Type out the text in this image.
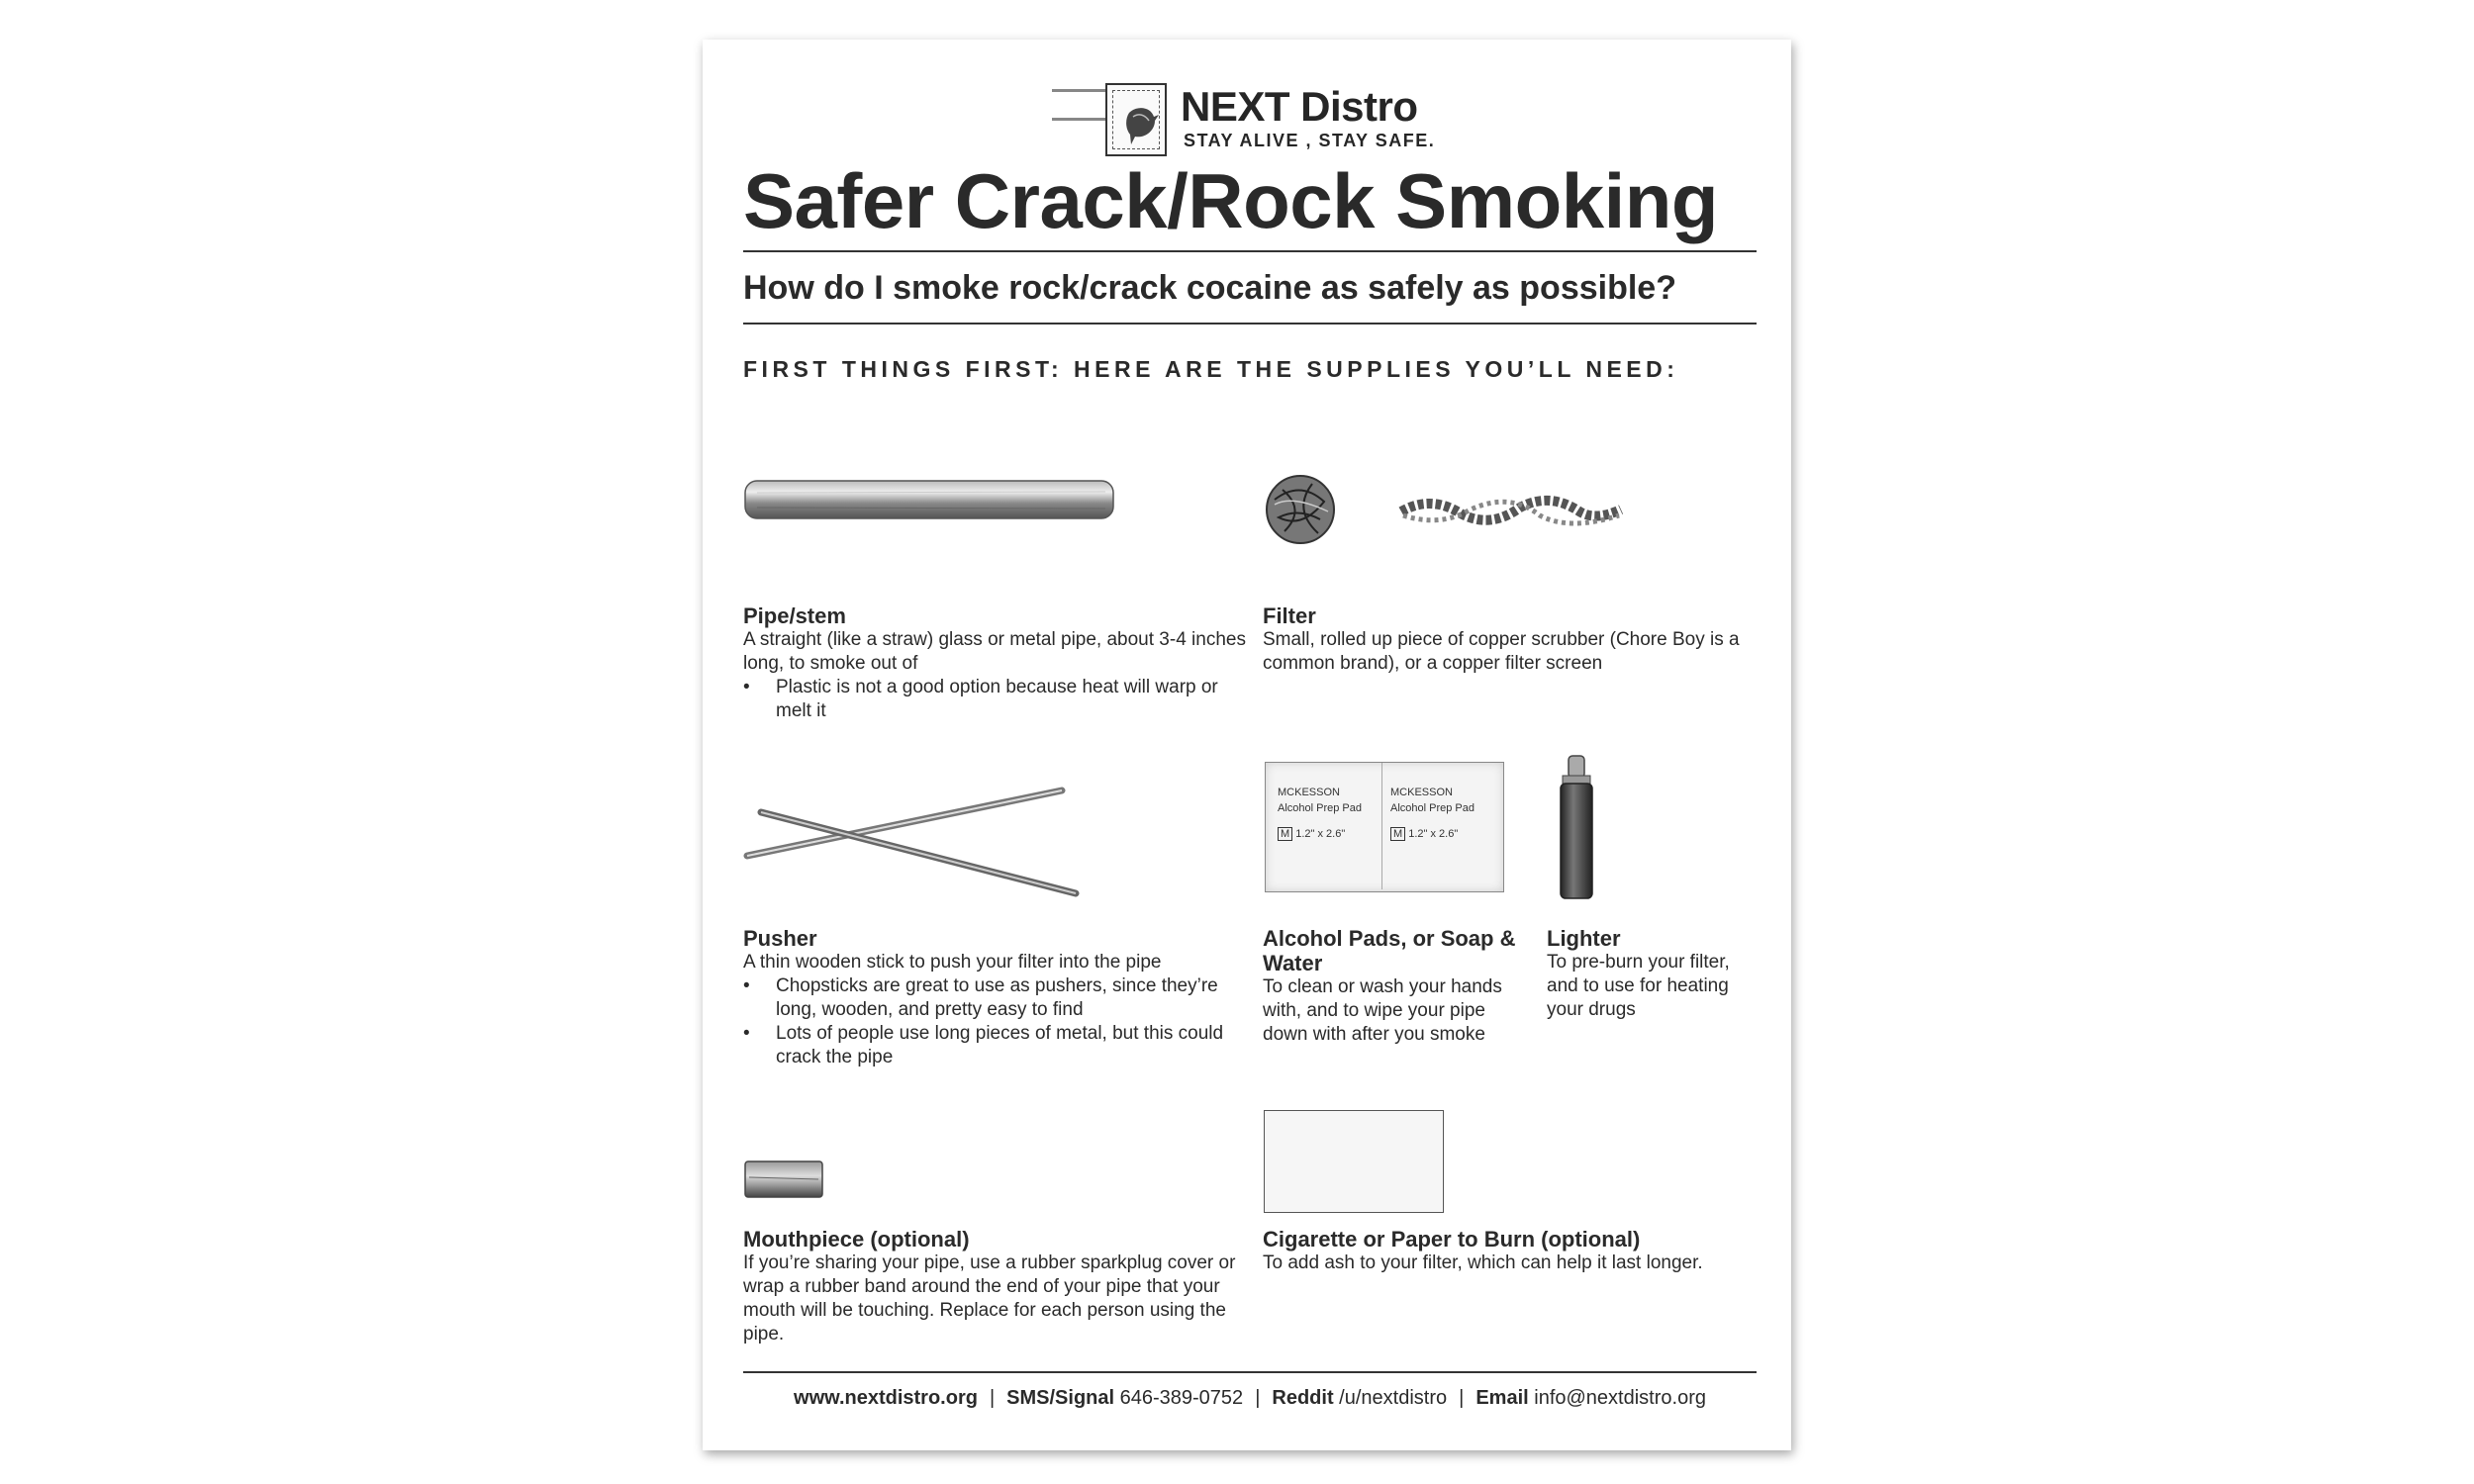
NEXT Distro
STAY ALIVE , STAY SAFE.
Safer Crack/Rock Smoking
How do I smoke rock/crack cocaine as safely as possible?
FIRST THINGS FIRST: HERE ARE THE SUPPLIES YOU’LL NEED:
Pipe/stem

A straight (like a straw) glass or metal pipe, about 3-4 inches long, to smoke out of

• Plastic is not a good option because heat will warp or melt it
Filter

Small, rolled up piece of copper scrubber (Chore Boy is a common brand), or a copper filter screen

MCKESSON
Alcohol Prep Pad
M 1.2" x 2.6"
MCKESSON
Alcohol Prep Pad
M 1.2" x 2.6"
Pusher

A thin wooden stick to push your filter into the pipe

• Chopsticks are great to use as pushers, since they’re long, wooden, and pretty easy to find
• Lots of people use long pieces of metal, but this could crack the pipe
Alcohol Pads, or Soap & Water

To clean or wash your hands with, and to wipe your pipe down with after you smoke

Lighter

To pre-burn your filter, and to use for heating your drugs

Mouthpiece (optional)

If you’re sharing your pipe, use a rubber sparkplug cover or wrap a rubber band around the end of your pipe that your mouth will be touching. Replace for each person using the pipe.

Cigarette or Paper to Burn (optional)

To add ash to your filter, which can help it last longer.

www.nextdistro.org | SMS/Signal 646-389-0752 | Reddit /u/nextdistro | Email info@nextdistro.org
